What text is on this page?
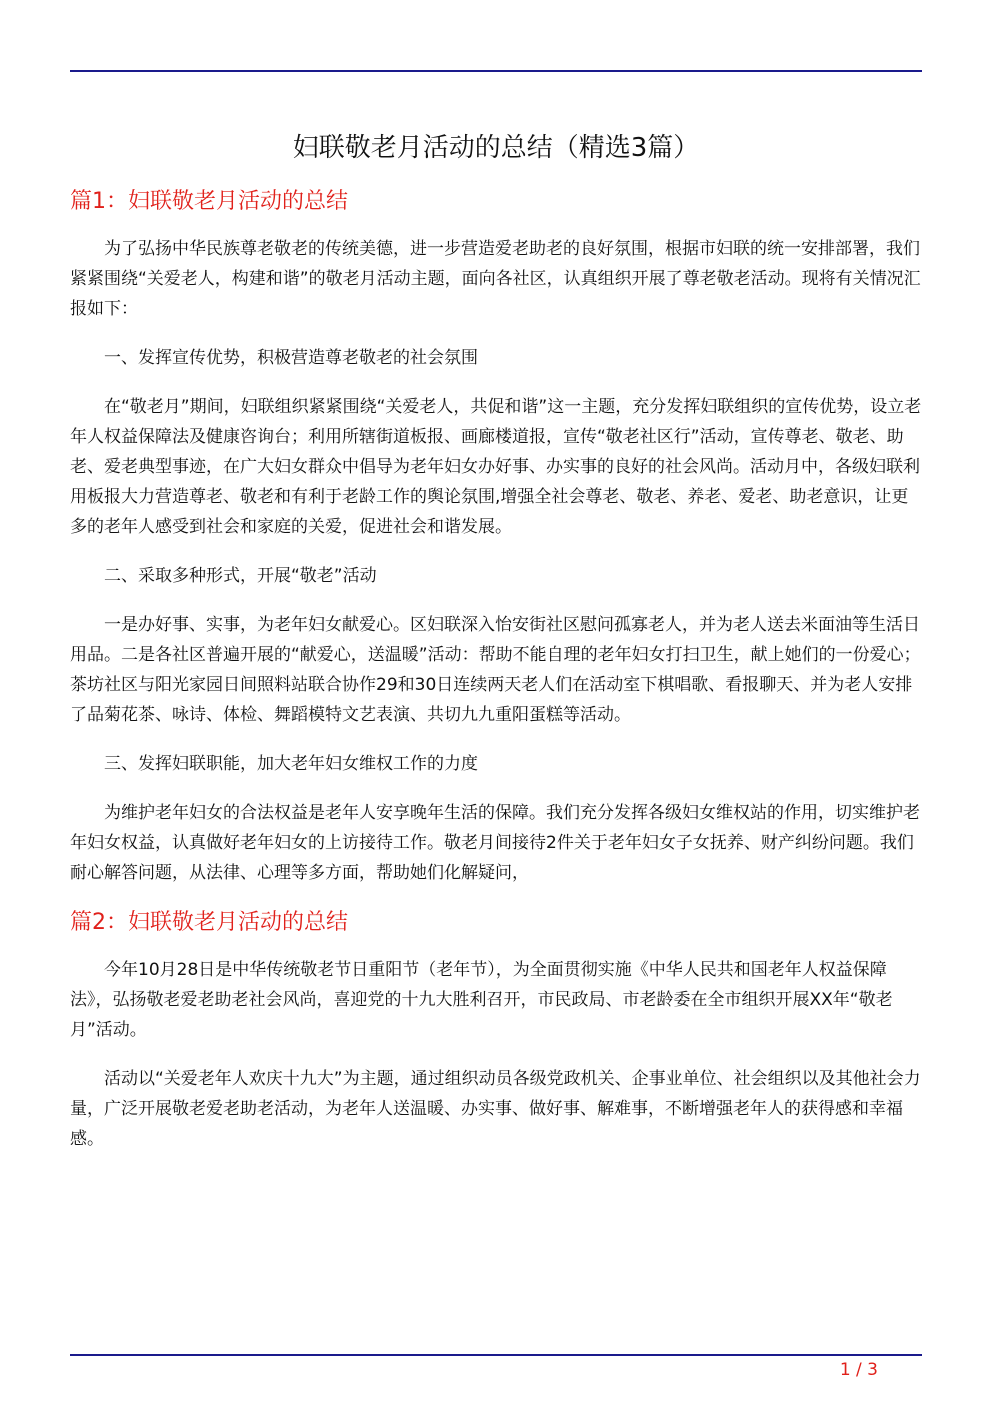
妇联敬老月活动的总结（精选3篇）
篇1：妇联敬老月活动的总结

为了弘扬中华民族尊老敬老的传统美德，进一步营造爱老助老的良好氛围，根据市妇联的统一安排部署，我们紧紧围绕“关爱老人，构建和谐”的敬老月活动主题，面向各社区，认真组织开展了尊老敬老活动。现将有关情况汇报如下：

一、发挥宣传优势，积极营造尊老敬老的社会氛围

在“敬老月”期间，妇联组织紧紧围绕“关爱老人，共促和谐”这一主题，充分发挥妇联组织的宣传优势，设立老年人权益保障法及健康咨询台；利用所辖街道板报、画廊楼道报，宣传“敬老社区行”活动，宣传尊老、敬老、助老、爱老典型事迹，在广大妇女群众中倡导为老年妇女办好事、办实事的良好的社会风尚。活动月中，各级妇联利用板报大力营造尊老、敬老和有利于老龄工作的舆论氛围,增强全社会尊老、敬老、养老、爱老、助老意识，让更多的老年人感受到社会和家庭的关爱，促进社会和谐发展。

二、采取多种形式，开展“敬老”活动

一是办好事、实事，为老年妇女献爱心。区妇联深入怡安街社区慰问孤寡老人，并为老人送去米面油等生活日用品。二是各社区普遍开展的“献爱心，送温暖”活动：帮助不能自理的老年妇女打扫卫生，献上她们的一份爱心；茶坊社区与阳光家园日间照料站联合协作29和30日连续两天老人们在活动室下棋唱歌、看报聊天、并为老人安排了品菊花茶、咏诗、体检、舞蹈模特文艺表演、共切九九重阳蛋糕等活动。

三、发挥妇联职能，加大老年妇女维权工作的力度

为维护老年妇女的合法权益是老年人安享晚年生活的保障。我们充分发挥各级妇女维权站的作用，切实维护老年妇女权益，认真做好老年妇女的上访接待工作。敬老月间接待2件关于老年妇女子女抚养、财产纠纷问题。我们耐心解答问题，从法律、心理等多方面，帮助她们化解疑问，

篇2：妇联敬老月活动的总结

今年10月28日是中华传统敬老节日重阳节（老年节），为全面贯彻实施《中华人民共和国老年人权益保障法》，弘扬敬老爱老助老社会风尚，喜迎党的十九大胜利召开，市民政局、市老龄委在全市组织开展XX年“敬老月”活动。

活动以“关爱老年人欢庆十九大”为主题，通过组织动员各级党政机关、企事业单位、社会组织以及其他社会力量，广泛开展敬老爱老助老活动，为老年人送温暖、办实事、做好事、解难事，不断增强老年人的获得感和幸福感。

1 / 3
